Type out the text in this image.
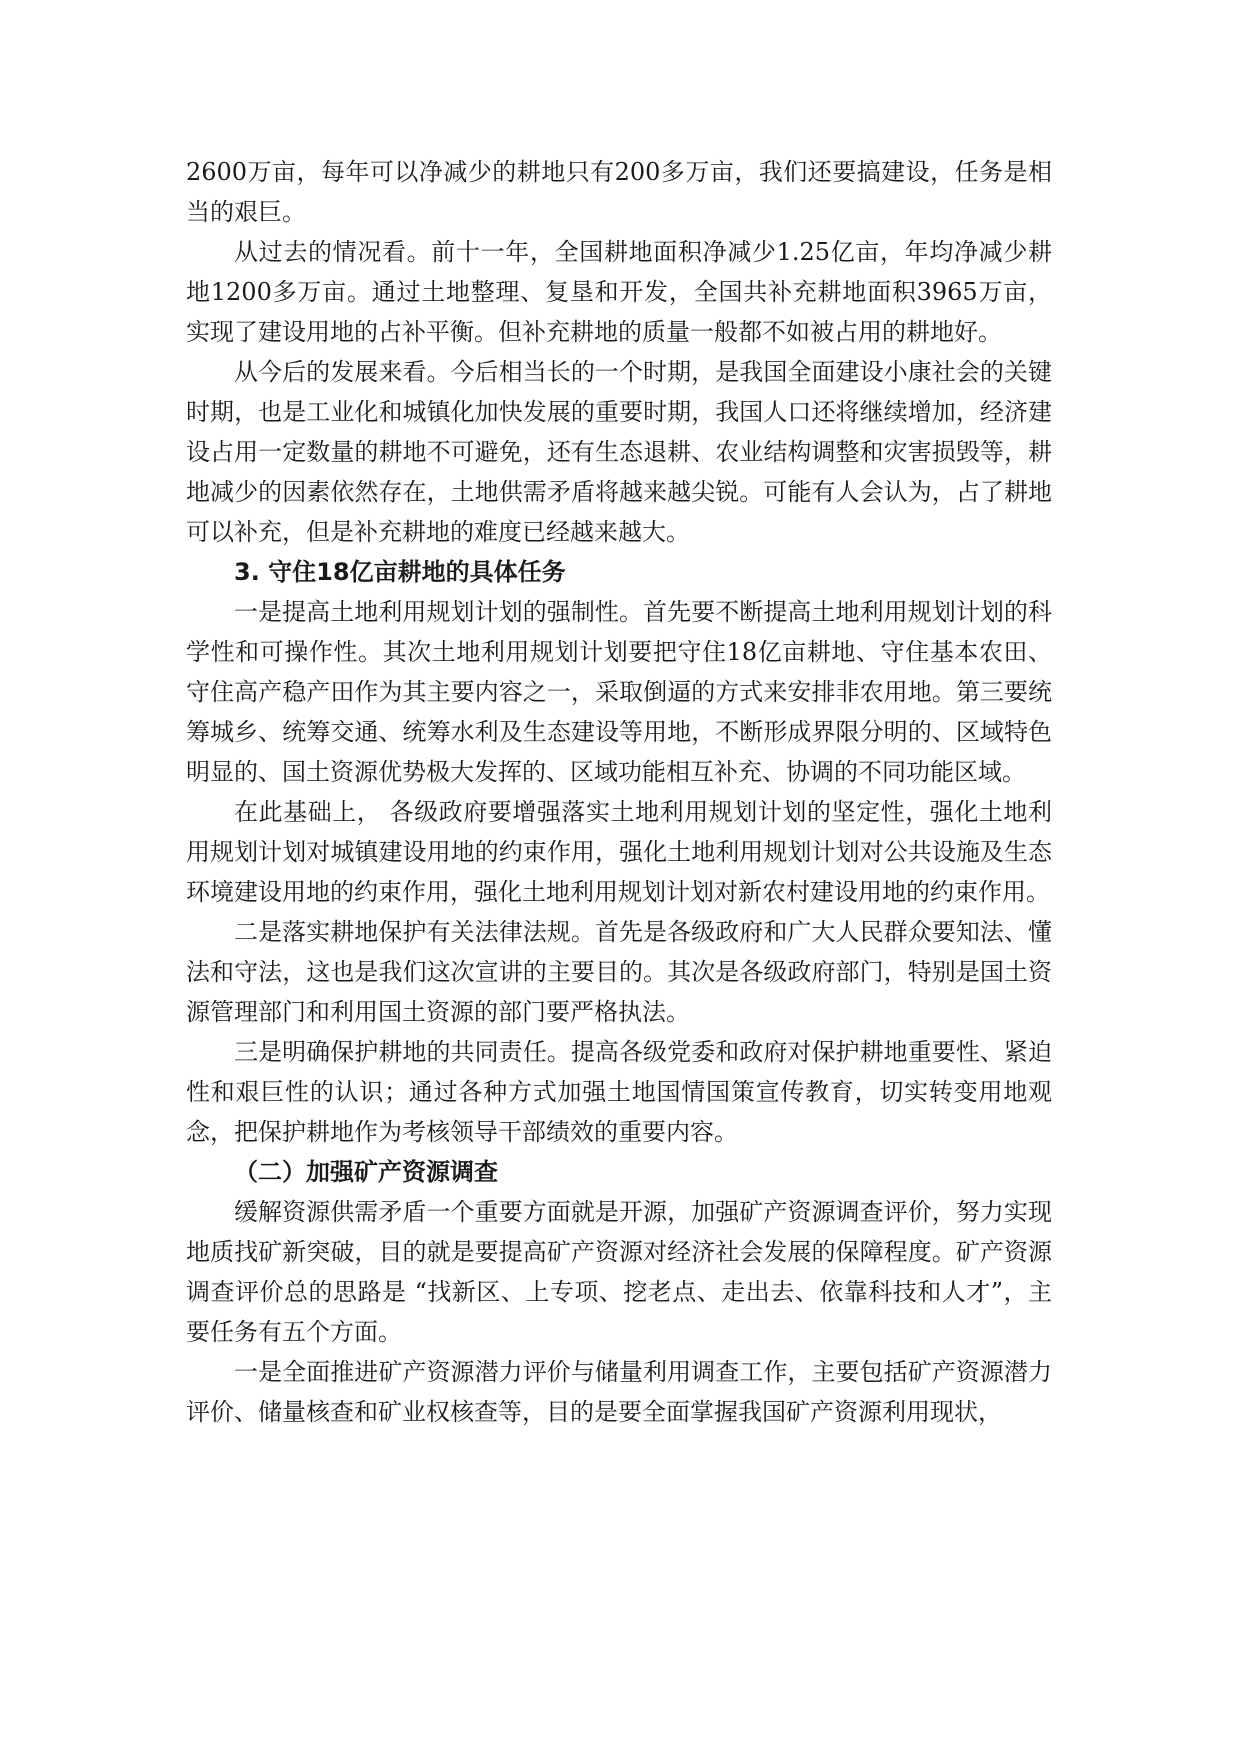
2600万亩，每年可以净减少的耕地只有200多万亩，我们还要搞建设，任务是相当的艰巨。

从过去的情况看。前十一年，全国耕地面积净减少1.25亿亩，年均净减少耕地1200多万亩。通过土地整理、复垦和开发，全国共补充耕地面积3965万亩，实现了建设用地的占补平衡。但补充耕地的质量一般都不如被占用的耕地好。

从今后的发展来看。今后相当长的一个时期，是我国全面建设小康社会的关键时期，也是工业化和城镇化加快发展的重要时期，我国人口还将继续增加，经济建设占用一定数量的耕地不可避免，还有生态退耕、农业结构调整和灾害损毁等，耕地减少的因素依然存在，土地供需矛盾将越来越尖锐。可能有人会认为，占了耕地可以补充，但是补充耕地的难度已经越来越大。

3. 守住18亿亩耕地的具体任务

一是提高土地利用规划计划的强制性。首先要不断提高土地利用规划计划的科学性和可操作性。其次土地利用规划计划要把守住18亿亩耕地、守住基本农田、守住高产稳产田作为其主要内容之一，采取倒逼的方式来安排非农用地。第三要统筹城乡、统筹交通、统筹水利及生态建设等用地，不断形成界限分明的、区域特色明显的、国土资源优势极大发挥的、区域功能相互补充、协调的不同功能区域。

在此基础上， 各级政府要增强落实土地利用规划计划的坚定性，强化土地利用规划计划对城镇建设用地的约束作用，强化土地利用规划计划对公共设施及生态环境建设用地的约束作用，强化土地利用规划计划对新农村建设用地的约束作用。

二是落实耕地保护有关法律法规。首先是各级政府和广大人民群众要知法、懂法和守法，这也是我们这次宣讲的主要目的。其次是各级政府部门，特别是国土资源管理部门和利用国土资源的部门要严格执法。

三是明确保护耕地的共同责任。提高各级党委和政府对保护耕地重要性、紧迫性和艰巨性的认识；通过各种方式加强土地国情国策宣传教育，切实转变用地观念，把保护耕地作为考核领导干部绩效的重要内容。

（二）加强矿产资源调查

缓解资源供需矛盾一个重要方面就是开源，加强矿产资源调查评价，努力实现地质找矿新突破，目的就是要提高矿产资源对经济社会发展的保障程度。矿产资源调查评价总的思路是 “找新区、上专项、挖老点、走出去、依靠科技和人才”，主要任务有五个方面。

一是全面推进矿产资源潜力评价与储量利用调查工作，主要包括矿产资源潜力评价、储量核查和矿业权核查等，目的是要全面掌握我国矿产资源利用现状，
